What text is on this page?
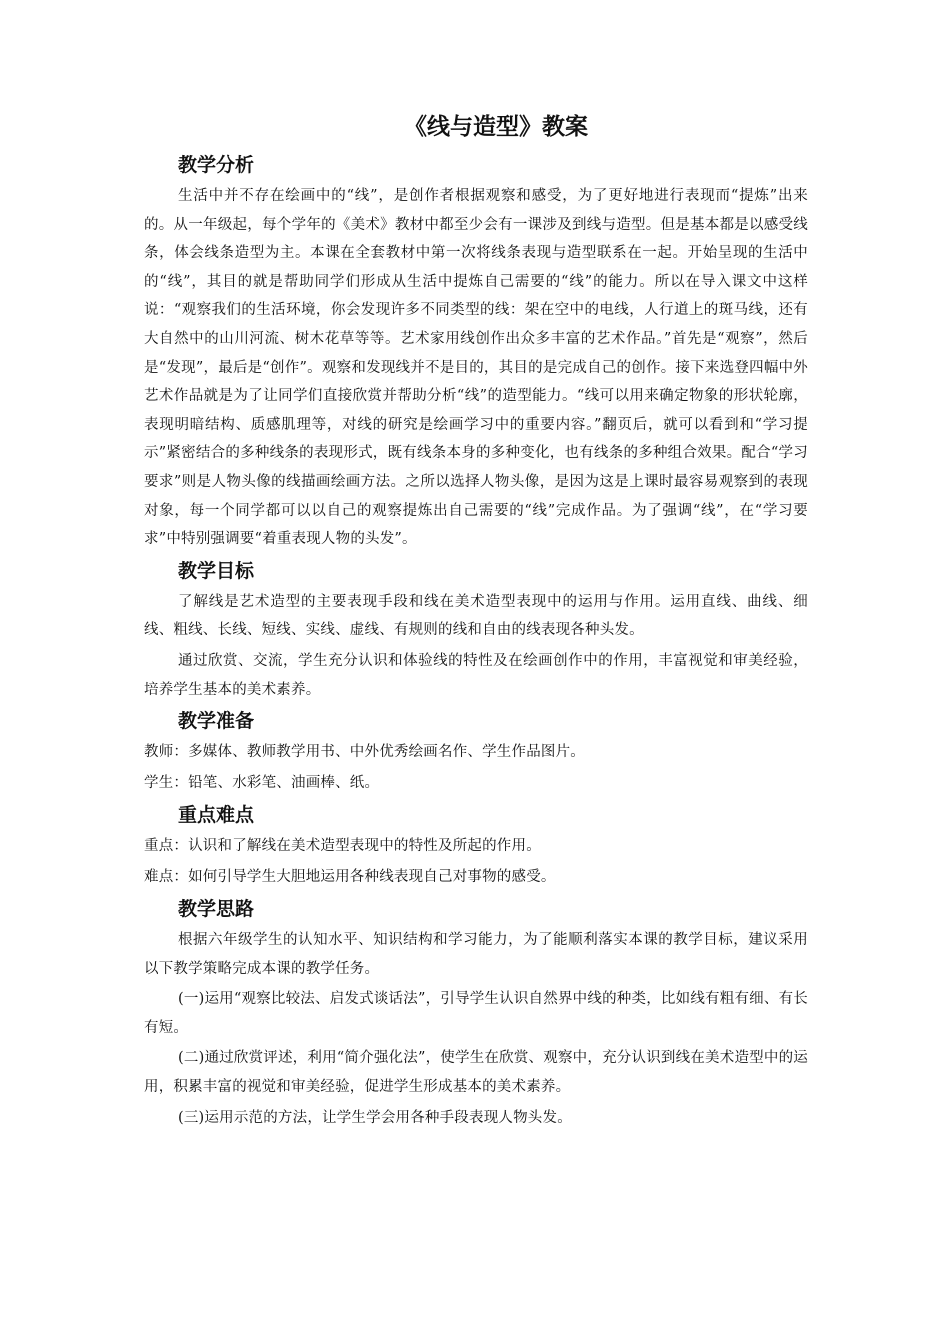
《线与造型》教案
教学分析

生活中并不存在绘画中的“线”，是创作者根据观察和感受，为了更好地进行表现而“提炼”出来的。从一年级起，每个学年的《美术》教材中都至少会有一课涉及到线与造型。但是基本都是以感受线条，体会线条造型为主。本课在全套教材中第一次将线条表现与造型联系在一起。开始呈现的生活中的“线”，其目的就是帮助同学们形成从生活中提炼自己需要的“线”的能力。所以在导入课文中这样说：“观察我们的生活环境，你会发现许多不同类型的线：架在空中的电线，人行道上的斑马线，还有大自然中的山川河流、树木花草等等。艺术家用线创作出众多丰富的艺术作品。”首先是“观察”，然后是“发现”，最后是“创作”。观察和发现线并不是目的，其目的是完成自己的创作。接下来选登四幅中外艺术作品就是为了让同学们直接欣赏并帮助分析“线”的造型能力。“线可以用来确定物象的形状轮廓，表现明暗结构、质感肌理等，对线的研究是绘画学习中的重要内容。”翻页后，就可以看到和“学习提示”紧密结合的多种线条的表现形式，既有线条本身的多种变化，也有线条的多种组合效果。配合“学习要求”则是人物头像的线描画绘画方法。之所以选择人物头像，是因为这是上课时最容易观察到的表现对象，每一个同学都可以以自己的观察提炼出自己需要的“线”完成作品。为了强调“线”，在“学习要求”中特别强调要“着重表现人物的头发”。

教学目标

了解线是艺术造型的主要表现手段和线在美术造型表现中的运用与作用。运用直线、曲线、细线、粗线、长线、短线、实线、虚线、有规则的线和自由的线表现各种头发。

通过欣赏、交流，学生充分认识和体验线的特性及在绘画创作中的作用，丰富视觉和审美经验，培养学生基本的美术素养。

教学准备

教师：多媒体、教师教学用书、中外优秀绘画名作、学生作品图片。

学生：铅笔、水彩笔、油画棒、纸。

重点难点

重点：认识和了解线在美术造型表现中的特性及所起的作用。

难点：如何引导学生大胆地运用各种线表现自己对事物的感受。

教学思路

根据六年级学生的认知水平、知识结构和学习能力，为了能顺利落实本课的教学目标，建议采用以下教学策略完成本课的教学任务。

(一)运用“观察比较法、启发式谈话法”，引导学生认识自然界中线的种类，比如线有粗有细、有长有短。

(二)通过欣赏评述，利用“简介强化法”，使学生在欣赏、观察中，充分认识到线在美术造型中的运用，积累丰富的视觉和审美经验，促进学生形成基本的美术素养。

(三)运用示范的方法，让学生学会用各种手段表现人物头发。
